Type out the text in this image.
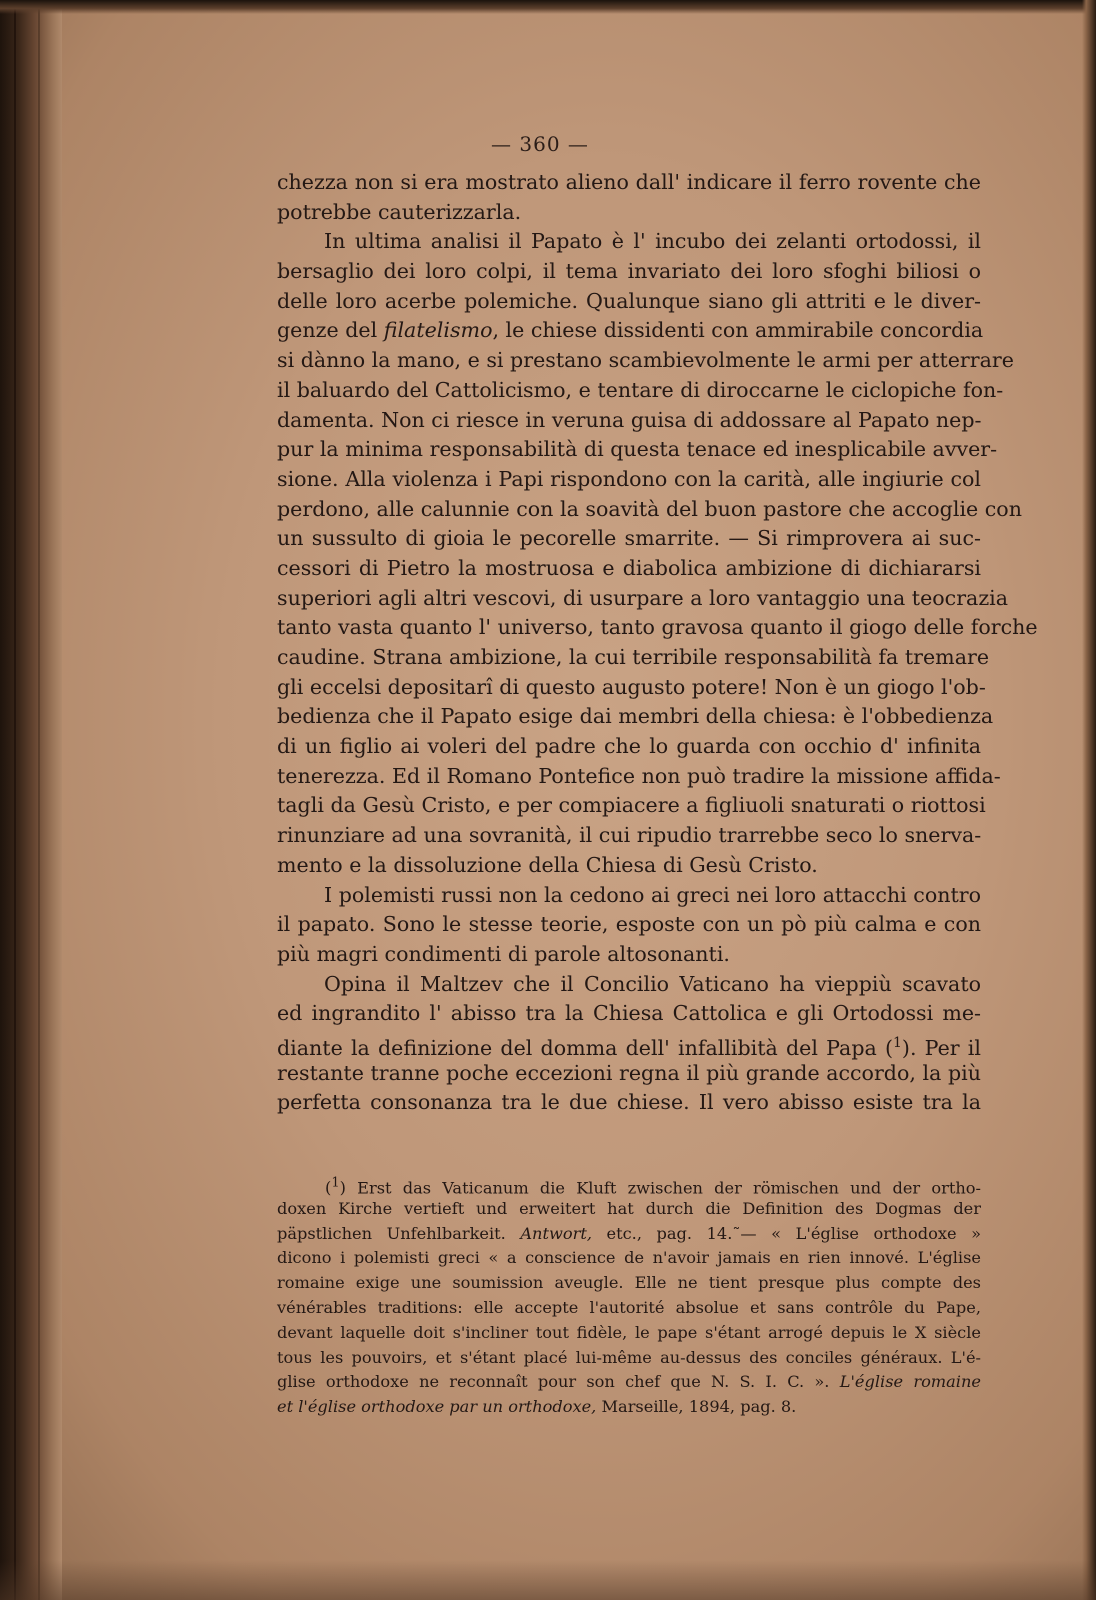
— 360 —
chezza non si era mostrato alieno dall' indicare il ferro rovente che
potrebbe cauterizzarla.
In ultima analisi il Papato è l' incubo dei zelanti ortodossi, il
bersaglio dei loro colpi, il tema invariato dei loro sfoghi biliosi o
delle loro acerbe polemiche. Qualunque siano gli attriti e le diver-
genze del filatelismo, le chiese dissidenti con ammirabile concordia
si dànno la mano, e si prestano scambievolmente le armi per atterrare
il baluardo del Cattolicismo, e tentare di diroccarne le ciclopiche fon-
damenta. Non ci riesce in veruna guisa di addossare al Papato nep-
pur la minima responsabilità di questa tenace ed inesplicabile avver-
sione. Alla violenza i Papi rispondono con la carità, alle ingiurie col
perdono, alle calunnie con la soavità del buon pastore che accoglie con
un sussulto di gioia le pecorelle smarrite. — Si rimprovera ai suc-
cessori di Pietro la mostruosa e diabolica ambizione di dichiararsi
superiori agli altri vescovi, di usurpare a loro vantaggio una teocrazia
tanto vasta quanto l' universo, tanto gravosa quanto il giogo delle forche
caudine. Strana ambizione, la cui terribile responsabilità fa tremare
gli eccelsi depositarî di questo augusto potere! Non è un giogo l'ob-
bedienza che il Papato esige dai membri della chiesa: è l'obbedienza
di un figlio ai voleri del padre che lo guarda con occhio d' infinita
tenerezza. Ed il Romano Pontefice non può tradire la missione affida-
tagli da Gesù Cristo, e per compiacere a figliuoli snaturati o riottosi
rinunziare ad una sovranità, il cui ripudio trarrebbe seco lo snerva-
mento e la dissoluzione della Chiesa di Gesù Cristo.
I polemisti russi non la cedono ai greci nei loro attacchi contro
il papato. Sono le stesse teorie, esposte con un pò più calma e con
più magri condimenti di parole altosonanti.
Opina il Maltzev che il Concilio Vaticano ha vieppiù scavato
ed ingrandito l' abisso tra la Chiesa Cattolica e gli Ortodossi me-
diante la definizione del domma dell' infallibità del Papa ($^1$). Per il
restante tranne poche eccezioni regna il più grande accordo, la più
perfetta consonanza tra le due chiese. Il vero abisso esiste tra la
($^1$) Erst das Vaticanum die Kluft zwischen der römischen und der ortho-
doxen Kirche vertieft und erweitert hat durch die Definition des Dogmas der
päpstlichen Unfehlbarkeit. Antwort, etc., pag. 14.˜— « L'église orthodoxe »
dicono i polemisti greci « a conscience de n'avoir jamais en rien innové. L'église
romaine exige une soumission aveugle. Elle ne tient presque plus compte des
vénérables traditions: elle accepte l'autorité absolue et sans contrôle du Pape,
devant laquelle doit s'incliner tout fidèle, le pape s'étant arrogé depuis le X siècle
tous les pouvoirs, et s'étant placé lui-même au-dessus des conciles généraux. L'é-
glise orthodoxe ne reconnaît pour son chef que N. S. I. C. ». L'église romaine
et l'église orthodoxe par un orthodoxe, Marseille, 1894, pag. 8.
